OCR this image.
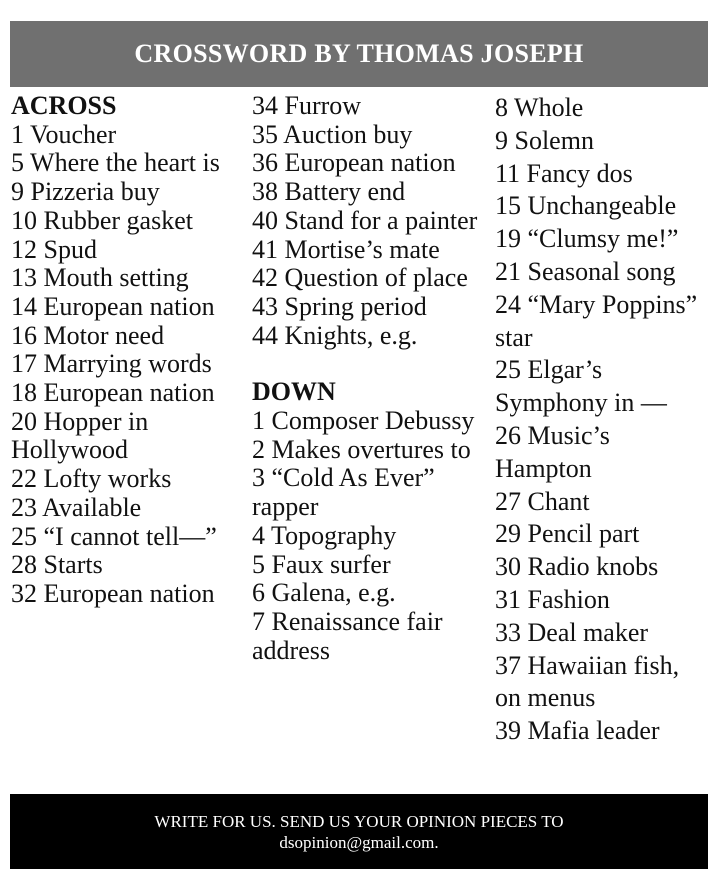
CROSSWORD BY THOMAS JOSEPH
ACROSS
1 Voucher
5 Where the heart is
9 Pizzeria buy
10 Rubber gasket
12 Spud
13 Mouth setting
14 European nation
16 Motor need
17 Marrying words
18 European nation
20 Hopper in Hollywood
22 Lofty works
23 Available
25 “I cannot tell—”
28 Starts
32 European nation
34 Furrow
35 Auction buy
36 European nation
38 Battery end
40 Stand for a painter
41 Mortise’s mate
42 Question of place
43 Spring period
44 Knights, e.g.
DOWN
1 Composer Debussy
2 Makes overtures to
3 “Cold As Ever” rapper
4 Topography
5 Faux surfer
6 Galena, e.g.
7 Renaissance fair address
8 Whole
9 Solemn
11 Fancy dos
15 Unchangeable
19 “Clumsy me!”
21 Seasonal song
24 “Mary Poppins” star
25 Elgar’s Symphony in —
26 Music’s Hampton
27 Chant
29 Pencil part
30 Radio knobs
31 Fashion
33 Deal maker
37 Hawaiian fish, on menus
39 Mafia leader
WRITE FOR US. SEND US YOUR OPINION PIECES TO
dsopinion@gmail.com.
